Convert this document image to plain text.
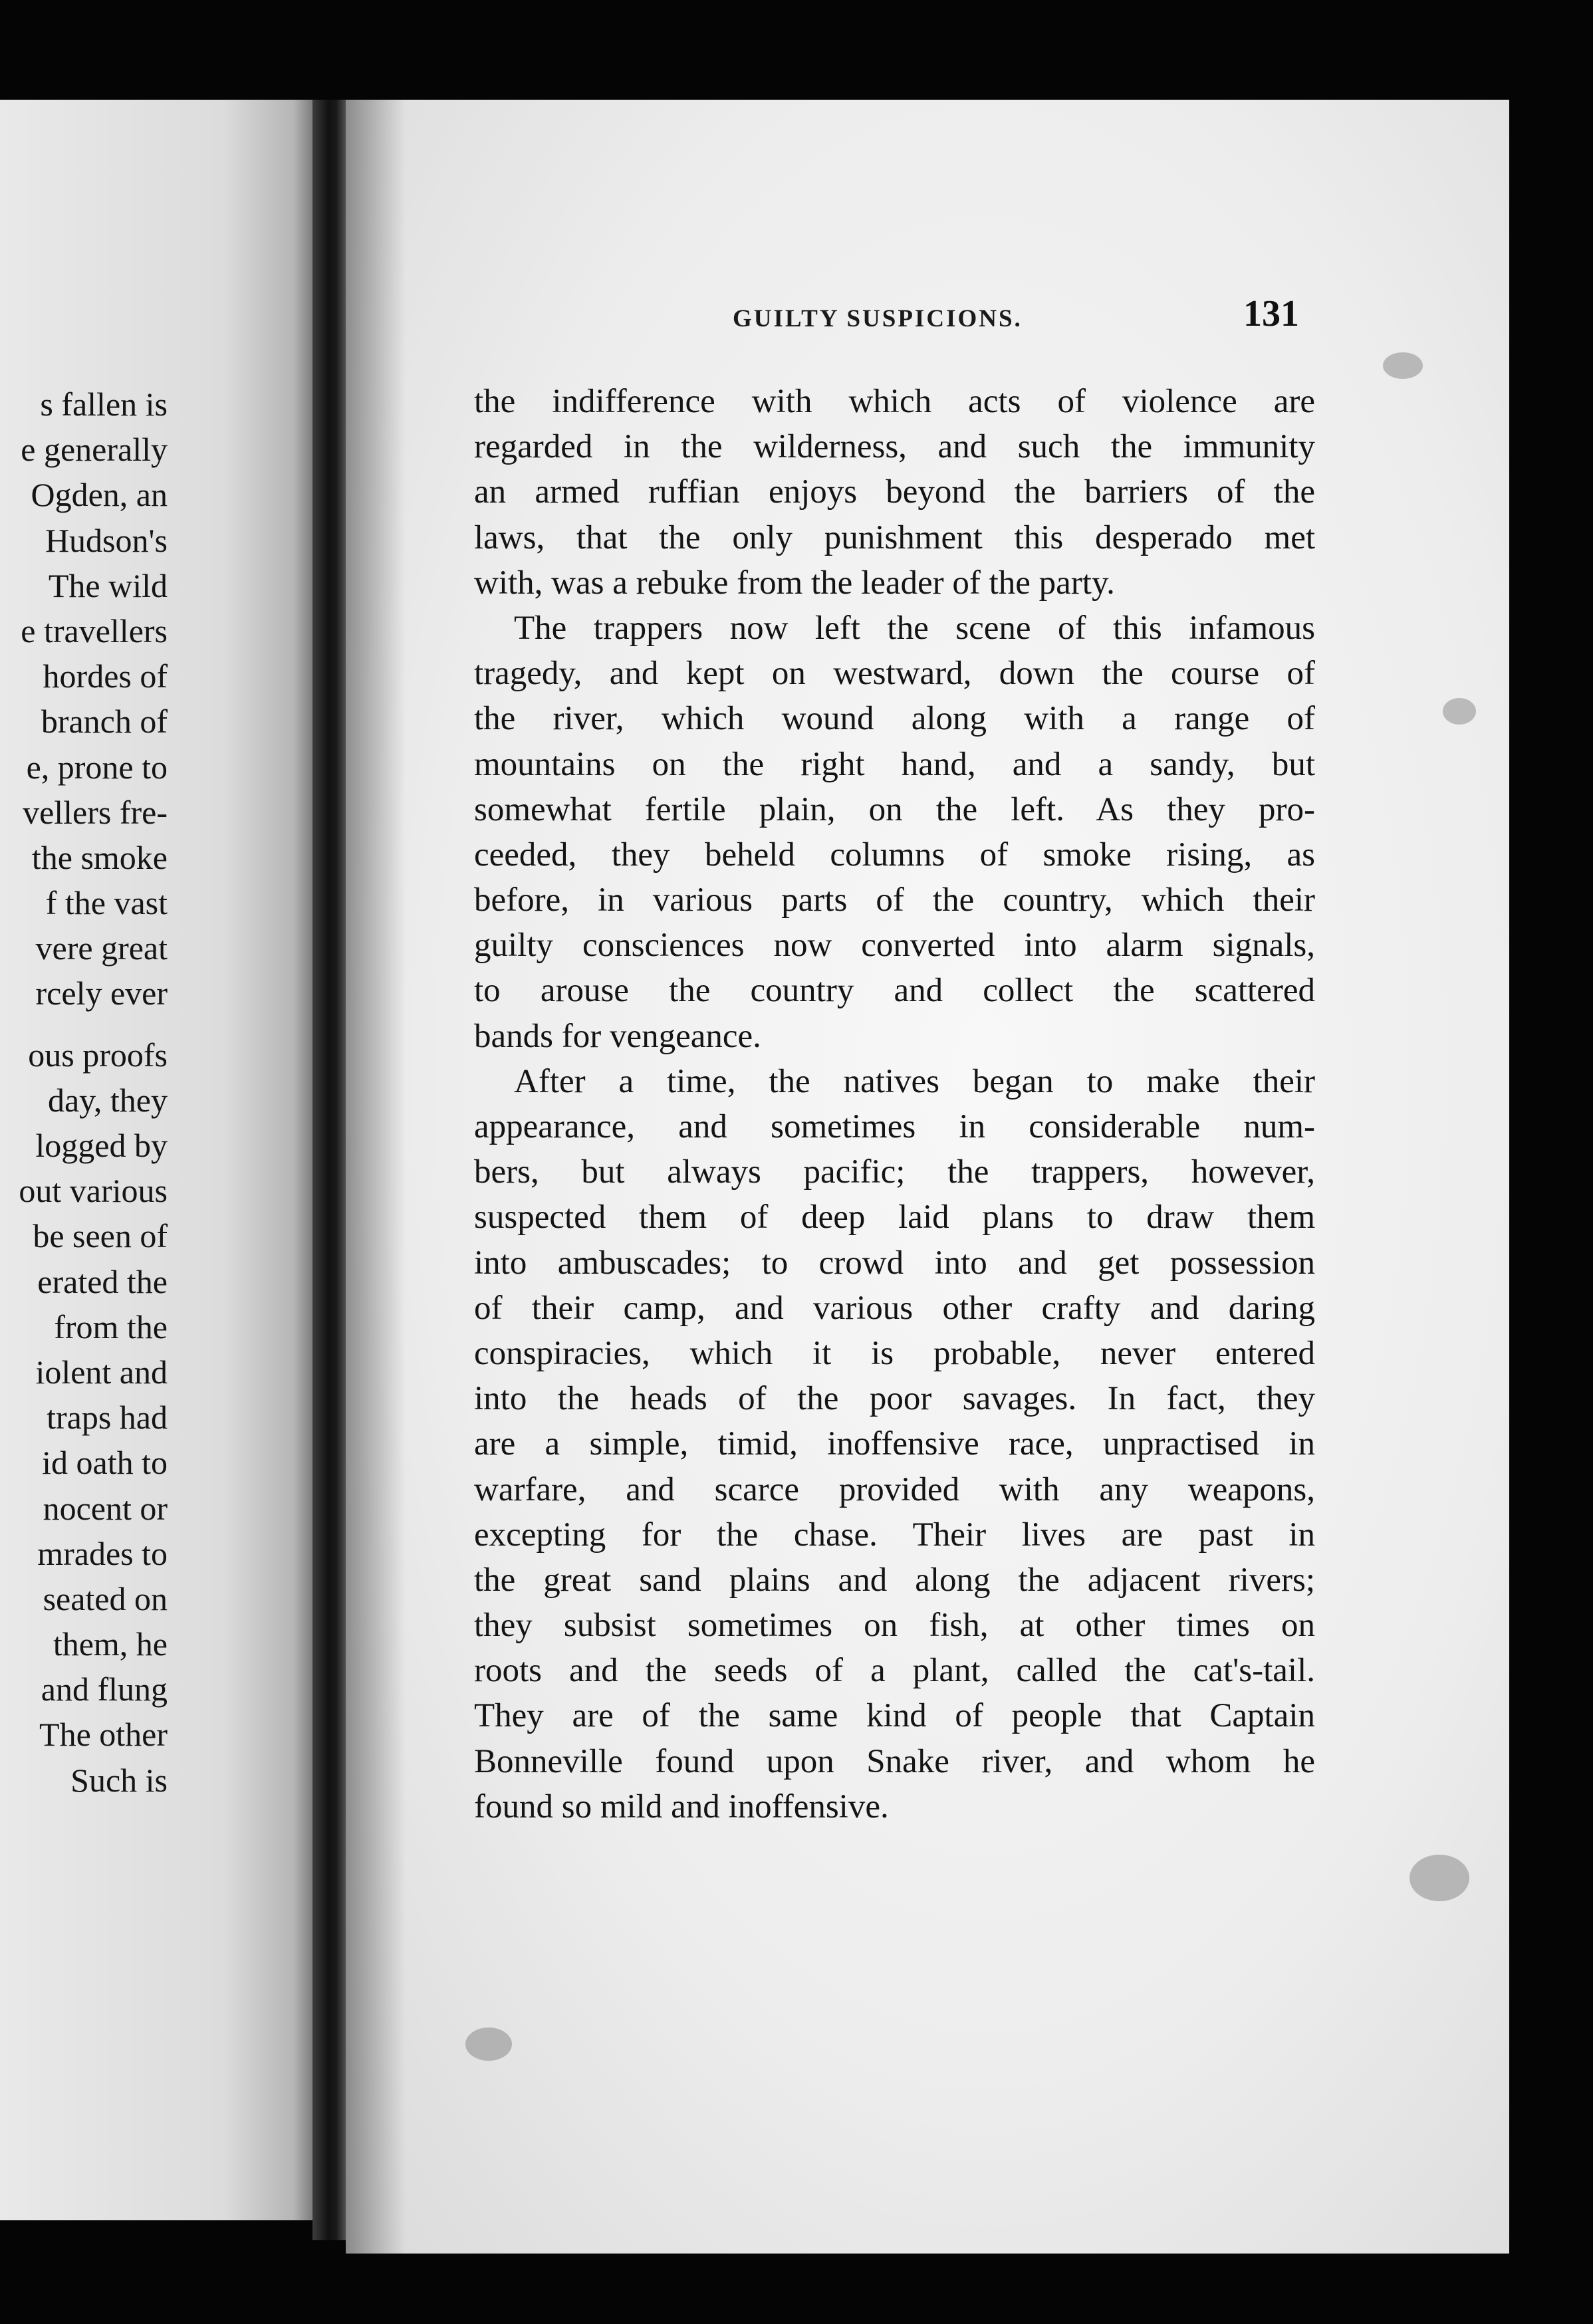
s fallen is
e generally
Ogden, an
Hudson's
The wild
e travellers
hordes of
branch of
e, prone to
vellers fre-
the smoke
f the vast
vere great
rcely ever
ous proofs
day, they
logged by
out various
be seen of
erated the
from the
iolent and
traps had
id oath to
nocent or
mrades to
seated on
them, he
and flung
The other
Such is
GUILTY SUSPICIONS.	131
the indifference with which acts of violence are
regarded in the wilderness, and such the immunity
an armed ruffian enjoys beyond the barriers of the
laws, that the only punishment this desperado met
with, was a rebuke from the leader of the party.
The trappers now left the scene of this infamous
tragedy, and kept on westward, down the course of
the river, which wound along with a range of
mountains on the right hand, and a sandy, but
somewhat fertile plain, on the left. As they pro-
ceeded, they beheld columns of smoke rising, as
before, in various parts of the country, which their
guilty consciences now converted into alarm signals,
to arouse the country and collect the scattered
bands for vengeance.
After a time, the natives began to make their
appearance, and sometimes in considerable num-
bers, but always pacific; the trappers, however,
suspected them of deep laid plans to draw them
into ambuscades; to crowd into and get possession
of their camp, and various other crafty and daring
conspiracies, which it is probable, never entered
into the heads of the poor savages. In fact, they
are a simple, timid, inoffensive race, unpractised in
warfare, and scarce provided with any weapons,
excepting for the chase. Their lives are past in
the great sand plains and along the adjacent rivers;
they subsist sometimes on fish, at other times on
roots and the seeds of a plant, called the cat's-tail.
They are of the same kind of people that Captain
Bonneville found upon Snake river, and whom he
found so mild and inoffensive.
